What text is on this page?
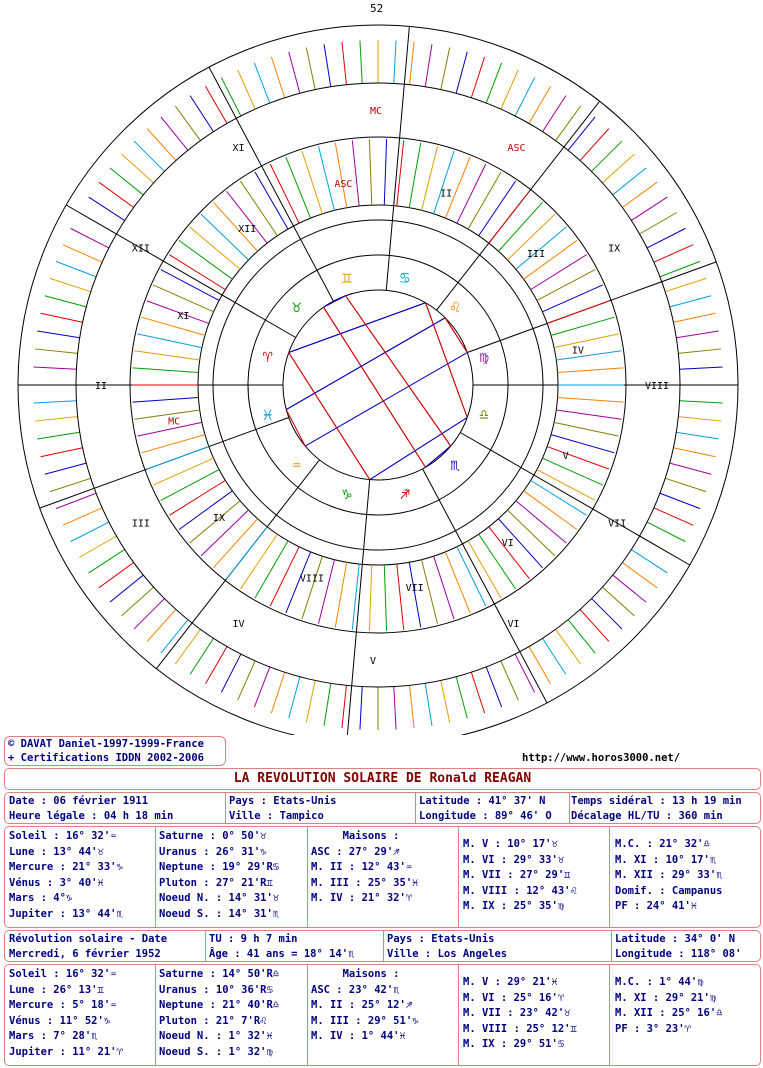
♈
♉
♊	♋
♌
♍
♎
♏
♐
♑
♒
♓
52
IX
VIII
VII
VI
V
IV
III
II
XII
XI
MC
ASC
XI
XII
ASC
II
III
IV
V
VI
VII
VIII
IX
MC
© DAVAT Daniel-1997-1999-France
+ Certifications IDDN 2002-2006	http://www.horos3000.net/
LA REVOLUTION SOLAIRE DE Ronald REAGAN
Date : 06 février 1911
Heure légale : 04 h 18 min
Pays : Etats-Unis
Ville : Tampico
Latitude : 41° 37' N
Longitude : 89° 46' O
Temps sidéral : 13 h 19 min
Décalage HL/TU : 360 min
Soleil : 16° 32'♒
Lune : 13° 44'♉
Mercure : 21° 33'♑
Vénus : 3° 40'♓
Mars : 4°♑
Jupiter : 13° 44'♏
Saturne : 0° 50'♉
Uranus : 26° 31'♑
Neptune : 19° 29'R♋
Pluton : 27° 21'R♊
Noeud N. : 14° 31'♉
Noeud S. : 14° 31'♏
Maisons :
ASC : 27° 29'♐
M. II : 12° 43'♒
M. III : 25° 35'♓
M. IV : 21° 32'♈
M. V : 10° 17'♉
M. VI : 29° 33'♉
M. VII : 27° 29'♊
M. VIII : 12° 43'♌
M. IX : 25° 35'♍
M.C. : 21° 32'♎
M. XI : 10° 17'♏
M. XII : 29° 33'♏
Domif. : Campanus
PF : 24° 41'♓
Révolution solaire - Date
Mercredi, 6 février 1952
TU : 9 h 7 min
Âge : 41 ans = 18° 14'♏
Pays : Etats-Unis
Ville : Los Angeles
Latitude : 34° 0' N
Longitude : 118° 08'
Soleil : 16° 32'♒
Lune : 26° 13'♊
Mercure : 5° 18'♒
Vénus : 11° 52'♑
Mars : 7° 28'♏
Jupiter : 11° 21'♈
Saturne : 14° 50'R♎
Uranus : 10° 36'R♋
Neptune : 21° 40'R♎
Pluton : 21° 7'R♌
Noeud N. : 1° 32'♓
Noeud S. : 1° 32'♍
Maisons :
ASC : 23° 42'♏
M. II : 25° 12'♐
M. III : 29° 51'♑
M. IV : 1° 44'♓
M. V : 29° 21'♓
M. VI : 25° 16'♈
M. VII : 23° 42'♉
M. VIII : 25° 12'♊
M. IX : 29° 51'♋
M.C. : 1° 44'♍
M. XI : 29° 21'♍
M. XII : 25° 16'♎
PF : 3° 23'♈
